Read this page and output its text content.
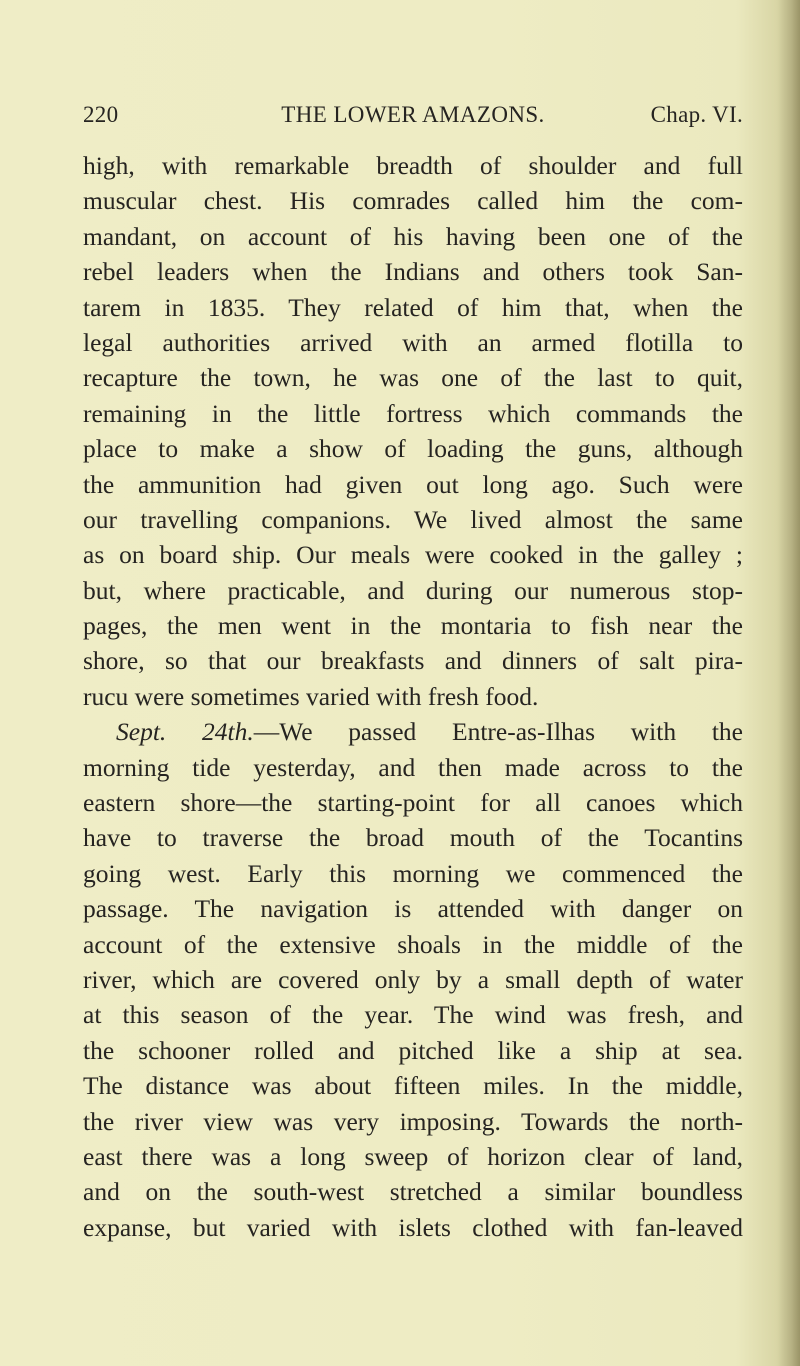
220	THE LOWER AMAZONS.	Chap. VI.
high, with remarkable breadth of shoulder and full
muscular chest. His comrades called him the com-
mandant, on account of his having been one of the
rebel leaders when the Indians and others took San-
tarem in 1835. They related of him that, when the
legal authorities arrived with an armed flotilla to
recapture the town, he was one of the last to quit,
remaining in the little fortress which commands the
place to make a show of loading the guns, although
the ammunition had given out long ago. Such were
our travelling companions. We lived almost the same
as on board ship. Our meals were cooked in the galley ;
but, where practicable, and during our numerous stop-
pages, the men went in the montaria to fish near the
shore, so that our breakfasts and dinners of salt pira-
rucu were sometimes varied with fresh food.
Sept. 24th.—We passed Entre-as-Ilhas with the
morning tide yesterday, and then made across to the
eastern shore—the starting-point for all canoes which
have to traverse the broad mouth of the Tocantins
going west. Early this morning we commenced the
passage. The navigation is attended with danger on
account of the extensive shoals in the middle of the
river, which are covered only by a small depth of water
at this season of the year. The wind was fresh, and
the schooner rolled and pitched like a ship at sea.
The distance was about fifteen miles. In the middle,
the river view was very imposing. Towards the north-
east there was a long sweep of horizon clear of land,
and on the south-west stretched a similar boundless
expanse, but varied with islets clothed with fan-leaved
